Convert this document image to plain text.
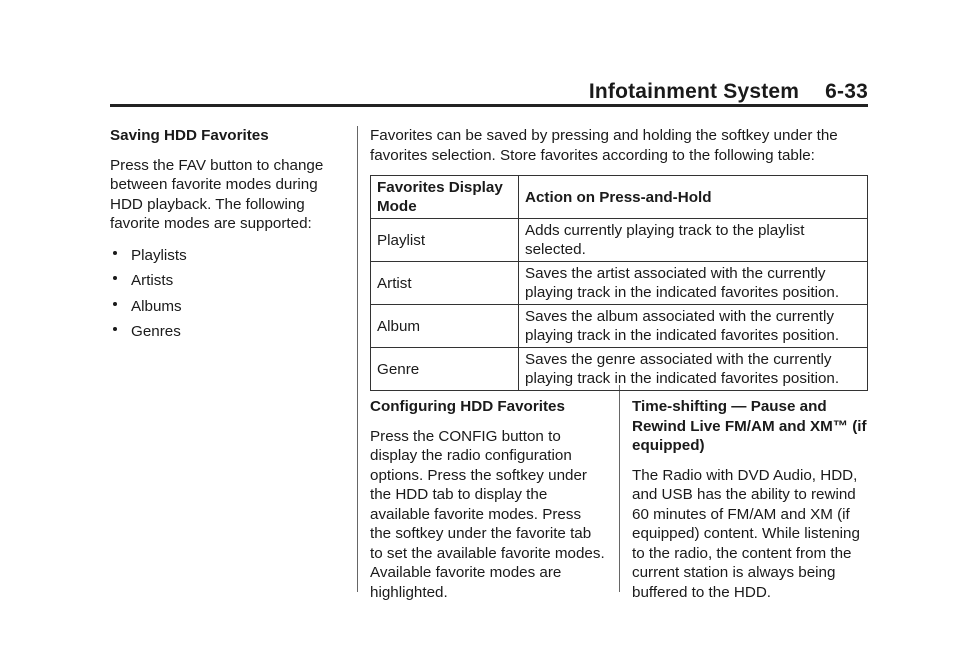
Infotainment System 6-33

Saving HDD Favorites

Press the FAV button to change between favorite modes during HDD playback. The following favorite modes are supported:

Playlists
Artists
Albums
Genres

Favorites can be saved by pressing and holding the softkey under the favorites selection. Store favorites according to the following table:

Favorites Display Mode	Action on Press-and-Hold
Playlist	Adds currently playing track to the playlist selected.
Artist	Saves the artist associated with the currently playing track in the indicated favorites position.
Album	Saves the album associated with the currently playing track in the indicated favorites position.
Genre	Saves the genre associated with the currently playing track in the indicated favorites position.

Configuring HDD Favorites

Press the CONFIG button to display the radio configuration options. Press the softkey under the HDD tab to display the available favorite modes. Press the softkey under the favorite tab to set the available favorite modes. Available favorite modes are highlighted.

Time-shifting — Pause and Rewind Live FM/AM and XM™ (if equipped)

The Radio with DVD Audio, HDD, and USB has the ability to rewind 60 minutes of FM/AM and XM (if equipped) content. While listening to the radio, the content from the current station is always being buffered to the HDD.
